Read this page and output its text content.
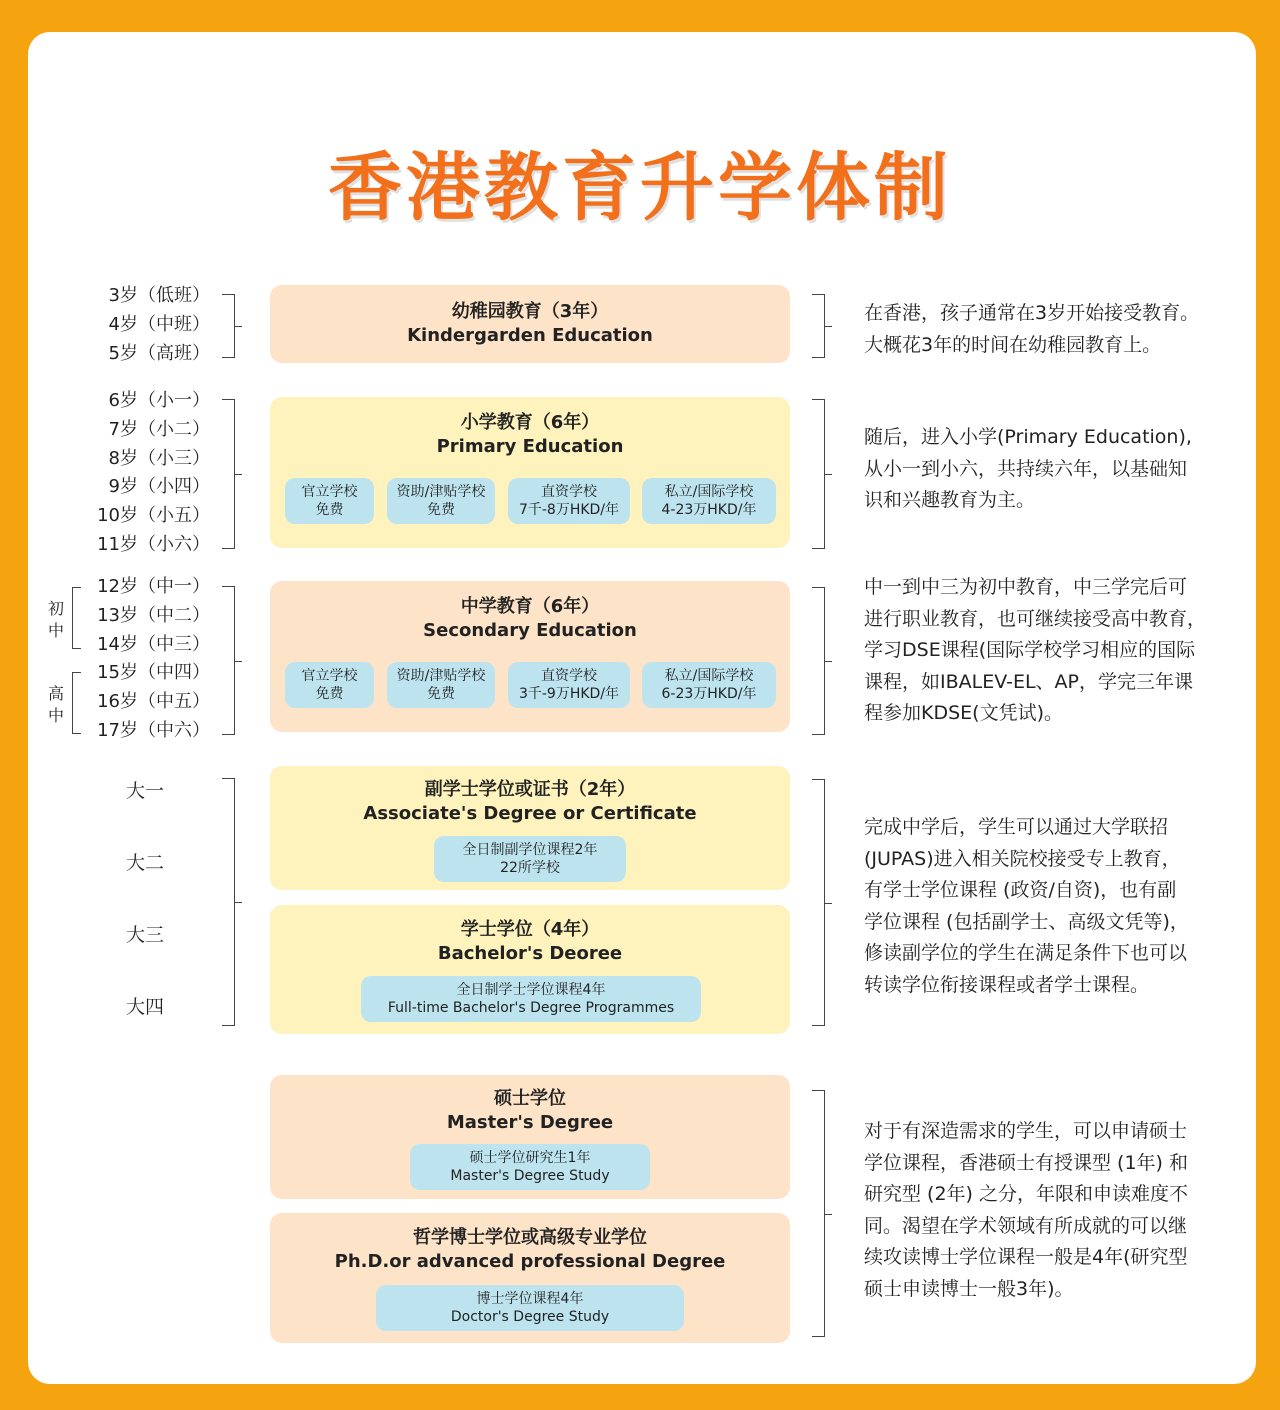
香港教育升学体制
3岁（低班）
4岁（中班）
5岁（高班）
幼稚园教育（3年）
Kindergarden Education
在香港，孩子通常在3岁开始接受教育。
大概花3年的时间在幼稚园教育上。
6岁（小一）
7岁（小二）
8岁（小三）
9岁（小四）
10岁（小五）
11岁（小六）
小学教育（6年）
Primary Education
官立学校
免费
资助/津贴学校
免费
直资学校
7千-8万HKD/年
私立/国际学校
4-23万HKD/年
随后，进入小学(Primary Education),
从小一到小六，共持续六年，以基础知
识和兴趣教育为主。
初
中
高
中
12岁（中一）
13岁（中二）
14岁（中三）
15岁（中四）
16岁（中五）
17岁（中六）
中学教育（6年）
Secondary Education
官立学校
免费
资助/津贴学校
免费
直资学校
3千-9万HKD/年
私立/国际学校
6-23万HKD/年
中一到中三为初中教育，中三学完后可
进行职业教育，也可继续接受高中教育，
学习DSE课程(国际学校学习相应的国际
课程，如IBALEV-EL、AP，学完三年课
程参加KDSE(文凭试)。
大一
大二
大三
大四
副学士学位或证书（2年）
Associate's Degree or Certificate
全日制副学位课程2年
22所学校
学士学位（4年）
Bachelor's Deoree
全日制学士学位课程4年
Full-time Bachelor's Degree Programmes
完成中学后，学生可以通过大学联招
(JUPAS)进入相关院校接受专上教育，
有学士学位课程 (政资/自资)，也有副
学位课程 (包括副学士、高级文凭等)，
修读副学位的学生在满足条件下也可以
转读学位衔接课程或者学士课程。
硕士学位
Master's Degree
硕士学位研究生1年
Master's Degree Study
哲学博士学位或高级专业学位
Ph.D.or advanced professional Degree
博士学位课程4年
Doctor's Degree Study
对于有深造需求的学生，可以申请硕士
学位课程，香港硕士有授课型 (1年) 和
研究型 (2年) 之分，年限和申读难度不
同。渴望在学术领域有所成就的可以继
续攻读博士学位课程一般是4年(研究型
硕士申读博士一般3年)。
